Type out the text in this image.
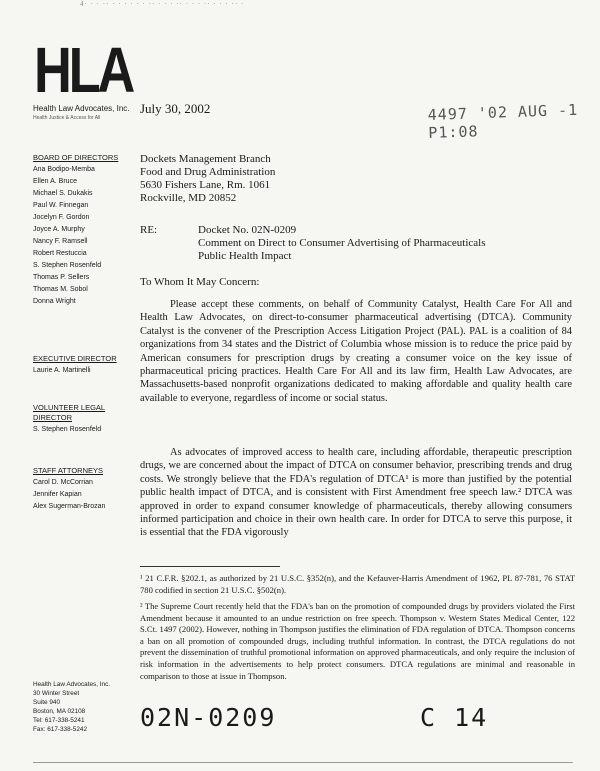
4· · · ·· · · · · · · ·· · · · ·· · · · ·· · · · ·· ·
HLA
Health Law Advocates, Inc.
Health Justice & Access for All
July 30, 2002	4497 '02 AUG -1 P1:08
BOARD OF DIRECTORS
Ana Bodipo-Memba
Ellen A. Bruce
Michael S. Dukakis
Paul W. Finnegan
Jocelyn F. Gordon
Joyce A. Murphy
Nancy F. Ramsell
Robert Restuccia
S. Stephen Rosenfeld
Thomas P. Sellers
Thomas M. Sobol
Donna Wright
EXECUTIVE DIRECTOR
Laurie A. Martinelli
VOLUNTEER LEGAL
DIRECTOR
S. Stephen Rosenfeld
STAFF ATTORNEYS
Carol D. McCorrian
Jennifer Kapian
Alex Sugerman-Brozan
Health Law Advocates, Inc.
30 Winter Street
Suite 940
Boston, MA 02108
Tel: 617-338-5241
Fax: 617-338-5242
Dockets Management Branch
Food and Drug Administration
5630 Fishers Lane, Rm. 1061
Rockville, MD 20852
RE:	Docket No. 02N-0209
Comment on Direct to Consumer Advertising of Pharmaceuticals
Public Health Impact
To Whom It May Concern:
Please accept these comments, on behalf of Community Catalyst, Health Care For All and Health Law Advocates, on direct-to-consumer pharmaceutical advertising (DTCA). Community Catalyst is the convener of the Prescription Access Litigation Project (PAL). PAL is a coalition of 84 organizations from 34 states and the District of Columbia whose mission is to reduce the price paid by American consumers for prescription drugs by creating a consumer voice on the key issue of pharmaceutical pricing practices. Health Care For All and its law firm, Health Law Advocates, are Massachusetts-based nonprofit organizations dedicated to making affordable and quality health care available to everyone, regardless of income or social status.
As advocates of improved access to health care, including affordable, therapeutic prescription drugs, we are concerned about the impact of DTCA on consumer behavior, prescribing trends and drug costs. We strongly believe that the FDA's regulation of DTCA¹ is more than justified by the potential public health impact of DTCA, and is consistent with First Amendment free speech law.² DTCA was approved in order to expand consumer knowledge of pharmaceuticals, thereby allowing consumers informed participation and choice in their own health care. In order for DTCA to serve this purpose, it is essential that the FDA vigorously
¹ 21 C.F.R. §202.1, as authorized by 21 U.S.C. §352(n), and the Kefauver-Harris Amendment of 1962, PL 87-781, 76 STAT 780 codified in section 21 U.S.C. §502(n).
² The Supreme Court recently held that the FDA's ban on the promotion of compounded drugs by providers violated the First Amendment because it amounted to an undue restriction on free speech. Thompson v. Western States Medical Center, 122 S.Ct. 1497 (2002). However, nothing in Thompson justifies the elimination of FDA regulation of DTCA. Thompson concerns a ban on all promotion of compounded drugs, including truthful information. In contrast, the DTCA regulations do not prevent the dissemination of truthful promotional information on approved pharmaceuticals, and only require the inclusion of risk information in the advertisements to help protect consumers. DTCA regulations are minimal and reasonable in comparison to those at issue in Thompson.
02N-0209	C 14
